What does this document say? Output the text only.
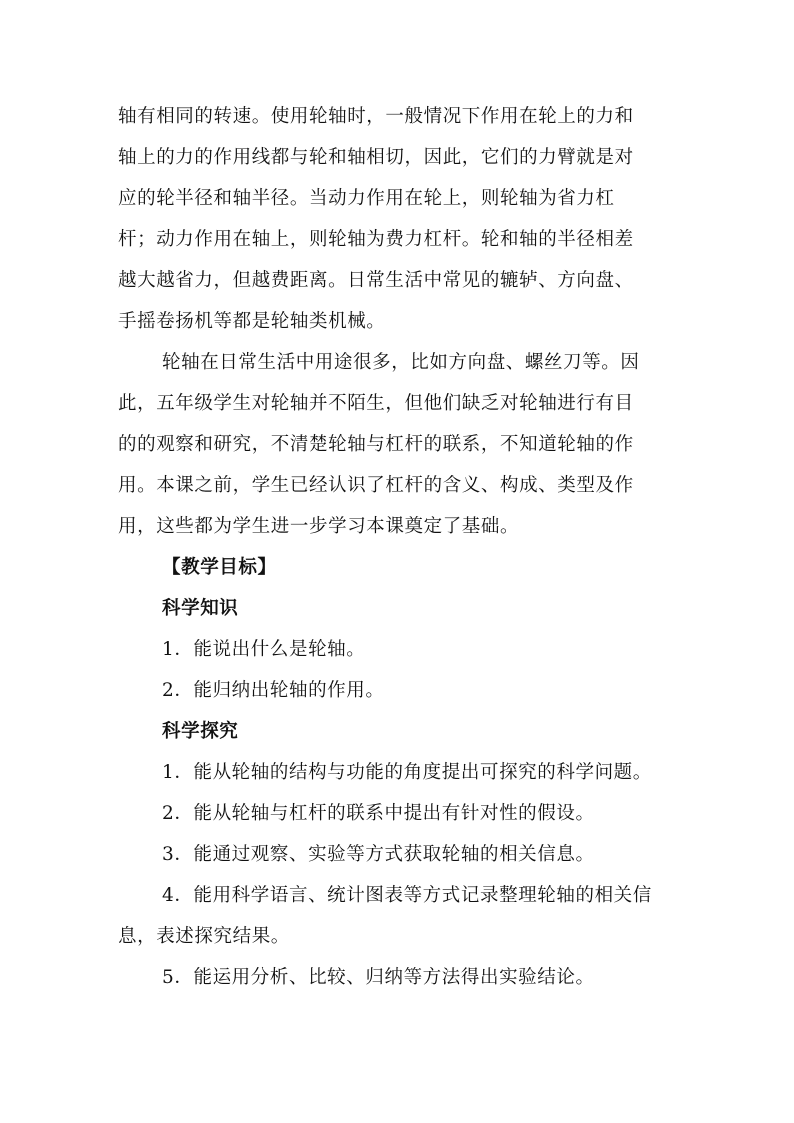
轴有相同的转速。使用轮轴时，一般情况下作用在轮上的力和
轴上的力的作用线都与轮和轴相切，因此，它们的力臂就是对
应的轮半径和轴半径。当动力作用在轮上，则轮轴为省力杠
杆；动力作用在轴上，则轮轴为费力杠杆。轮和轴的半径相差
越大越省力，但越费距离。日常生活中常见的辘轳、方向盘、
手摇卷扬机等都是轮轴类机械。
轮轴在日常生活中用途很多，比如方向盘、螺丝刀等。因
此，五年级学生对轮轴并不陌生，但他们缺乏对轮轴进行有目
的的观察和研究，不清楚轮轴与杠杆的联系，不知道轮轴的作
用。本课之前，学生已经认识了杠杆的含义、构成、类型及作
用，这些都为学生进一步学习本课奠定了基础。
【教学目标】
科学知识
1．能说出什么是轮轴。
2．能归纳出轮轴的作用。
科学探究
1．能从轮轴的结构与功能的角度提出可探究的科学问题。
2．能从轮轴与杠杆的联系中提出有针对性的假设。
3．能通过观察、实验等方式获取轮轴的相关信息。
4．能用科学语言、统计图表等方式记录整理轮轴的相关信
息，表述探究结果。
5．能运用分析、比较、归纳等方法得出实验结论。
